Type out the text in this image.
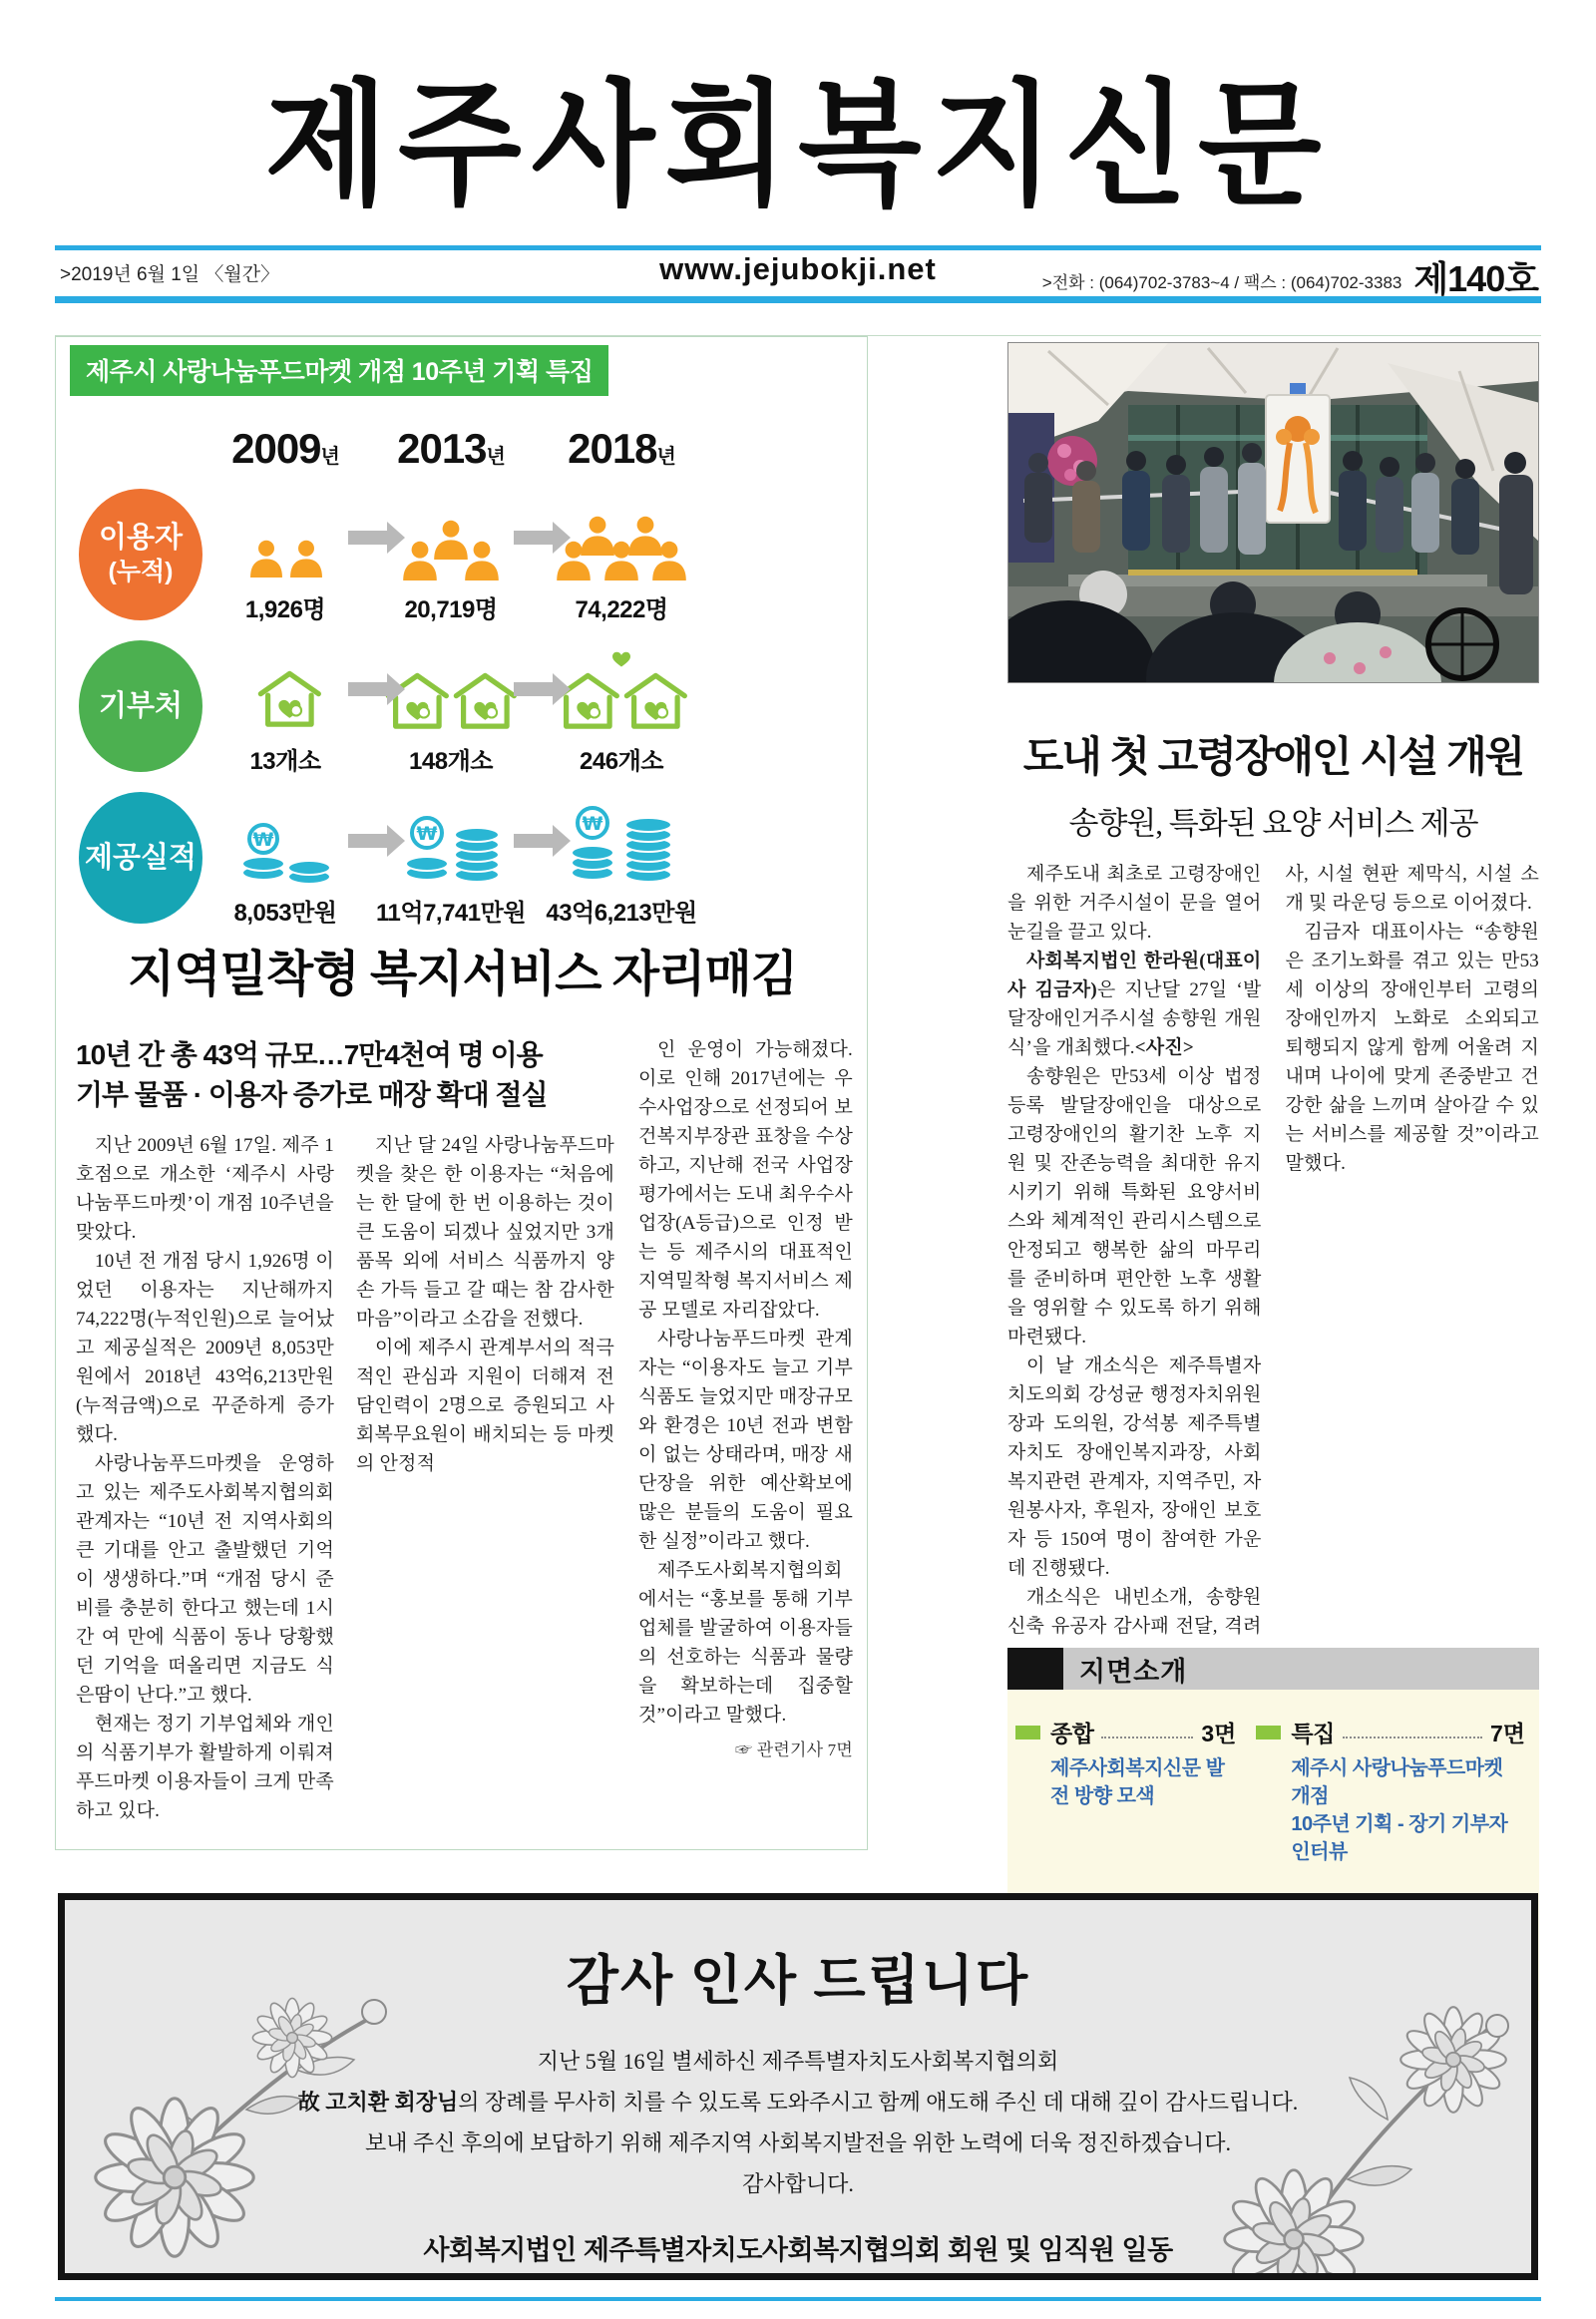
제주사회복지신문
>2019년 6월 1일 〈월간〉	www.jejubokji.net	>전화 : (064)702-3783~4 / 팩스 : (064)702-3383 제140호
제주시 사랑나눔푸드마켓 개점 10주년 기획 특집
2009년 2013년 2018년
이용자
(누적)
1,926명	20,719명	74,222명
기부처
13개소	148개소	246개소
제공실적
₩
8,053만원
₩
11억7,741만원
₩
43억6,213만원
지역밀착형 복지서비스 자리매김
10년 간 총 43억 규모…7만4천여 명 이용
기부 물품 · 이용자 증가로 매장 확대 절실

지난 2009년 6월 17일. 제주 1호점으로 개소한 ‘제주시 사랑나눔푸드마켓’이 개점 10주년을 맞았다.

10년 전 개점 당시 1,926명 이었던 이용자는 지난해까지 74,222명(누적인원)으로 늘어났고 제공실적은 2009년 8,053만원에서 2018년 43억6,213만원(누적금액)으로 꾸준하게 증가했다.

사랑나눔푸드마켓을 운영하고 있는 제주도사회복지협의회 관계자는 “10년 전 지역사회의 큰 기대를 안고 출발했던 기억이 생생하다.”며 “개점 당시 준비를 충분히 한다고 했는데 1시간 여 만에 식품이 동나 당황했던 기억을 떠올리면 지금도 식은땀이 난다.”고 했다.

현재는 정기 기부업체와 개인의 식품기부가 활발하게 이뤄져 푸드마켓 이용자들이 크게 만족하고 있다.

지난 달 24일 사랑나눔푸드마켓을 찾은 한 이용자는 “처음에는 한 달에 한 번 이용하는 것이 큰 도움이 되겠나 싶었지만 3개 품목 외에 서비스 식품까지 양손 가득 들고 갈 때는 참 감사한 마음”이라고 소감을 전했다.

이에 제주시 관계부서의 적극적인 관심과 지원이 더해져 전담인력이 2명으로 증원되고 사회복무요원이 배치되는 등 마켓의 안정적

인 운영이 가능해졌다. 이로 인해 2017년에는 우수사업장으로 선정되어 보건복지부장관 표창을 수상하고, 지난해 전국 사업장 평가에서는 도내 최우수사업장(A등급)으로 인정 받는 등 제주시의 대표적인 지역밀착형 복지서비스 제공 모델로 자리잡았다.

사랑나눔푸드마켓 관계자는 “이용자도 늘고 기부식품도 늘었지만 매장규모와 환경은 10년 전과 변함이 없는 상태라며, 매장 새단장을 위한 예산확보에 많은 분들의 도움이 필요한 실정”이라고 했다.

제주도사회복지협의회에서는 “홍보를 통해 기부업체를 발굴하여 이용자들의 선호하는 식품과 물량을 확보하는데 집중할 것”이라고 말했다.

☞ 관련기사 7면

도내 첫 고령장애인 시설 개원
송향원, 특화된 요양 서비스 제공

제주도내 최초로 고령장애인을 위한 거주시설이 문을 열어 눈길을 끌고 있다.

사회복지법인 한라원(대표이사 김금자)은 지난달 27일 ‘발달장애인거주시설 송향원 개원식’을 개최했다.<사진>

송향원은 만53세 이상 법정 등록 발달장애인을 대상으로 고령장애인의 활기찬 노후 지원 및 잔존능력을 최대한 유지시키기 위해 특화된 요양서비스와 체계적인 관리시스템으로 안정되고 행복한 삶의 마무리를 준비하며 편안한 노후 생활을 영위할 수 있도록 하기 위해 마련됐다.

이 날 개소식은 제주특별자치도의회 강성균 행정자치위원장과 도의원, 강석봉 제주특별자치도 장애인복지과장, 사회복지관련 관계자, 지역주민, 자원봉사자, 후원자, 장애인 보호자 등 150여 명이 참여한 가운데 진행됐다.

개소식은 내빈소개, 송향원 신축 유공자 감사패 전달, 격려사, 시설 현판 제막식, 시설 소개 및 라운딩 등으로 이어졌다.

김금자 대표이사는 “송향원은 조기노화를 겪고 있는 만53세 이상의 장애인부터 고령의 장애인까지 노화로 소외되고 퇴행되지 않게 함께 어울려 지내며 나이에 맞게 존중받고 건강한 삶을 느끼며 살아갈 수 있는 서비스를 제공할 것”이라고 말했다.

지면소개
종합	3면
제주사회복지신문 발전 방향 모색
특집	7면
제주시 사랑나눔푸드마켓 개점
10주년 기획 - 장기 기부자 인터뷰
감사 인사 드립니다
지난 5월 16일 별세하신 제주특별자치도사회복지협의회
故 고치환 회장님의 장례를 무사히 치를 수 있도록 도와주시고 함께 애도해 주신 데 대해 깊이 감사드립니다.
보내 주신 후의에 보답하기 위해 제주지역 사회복지발전을 위한 노력에 더욱 정진하겠습니다.
감사합니다.
사회복지법인 제주특별자치도사회복지협의회 회원 및 임직원 일동
